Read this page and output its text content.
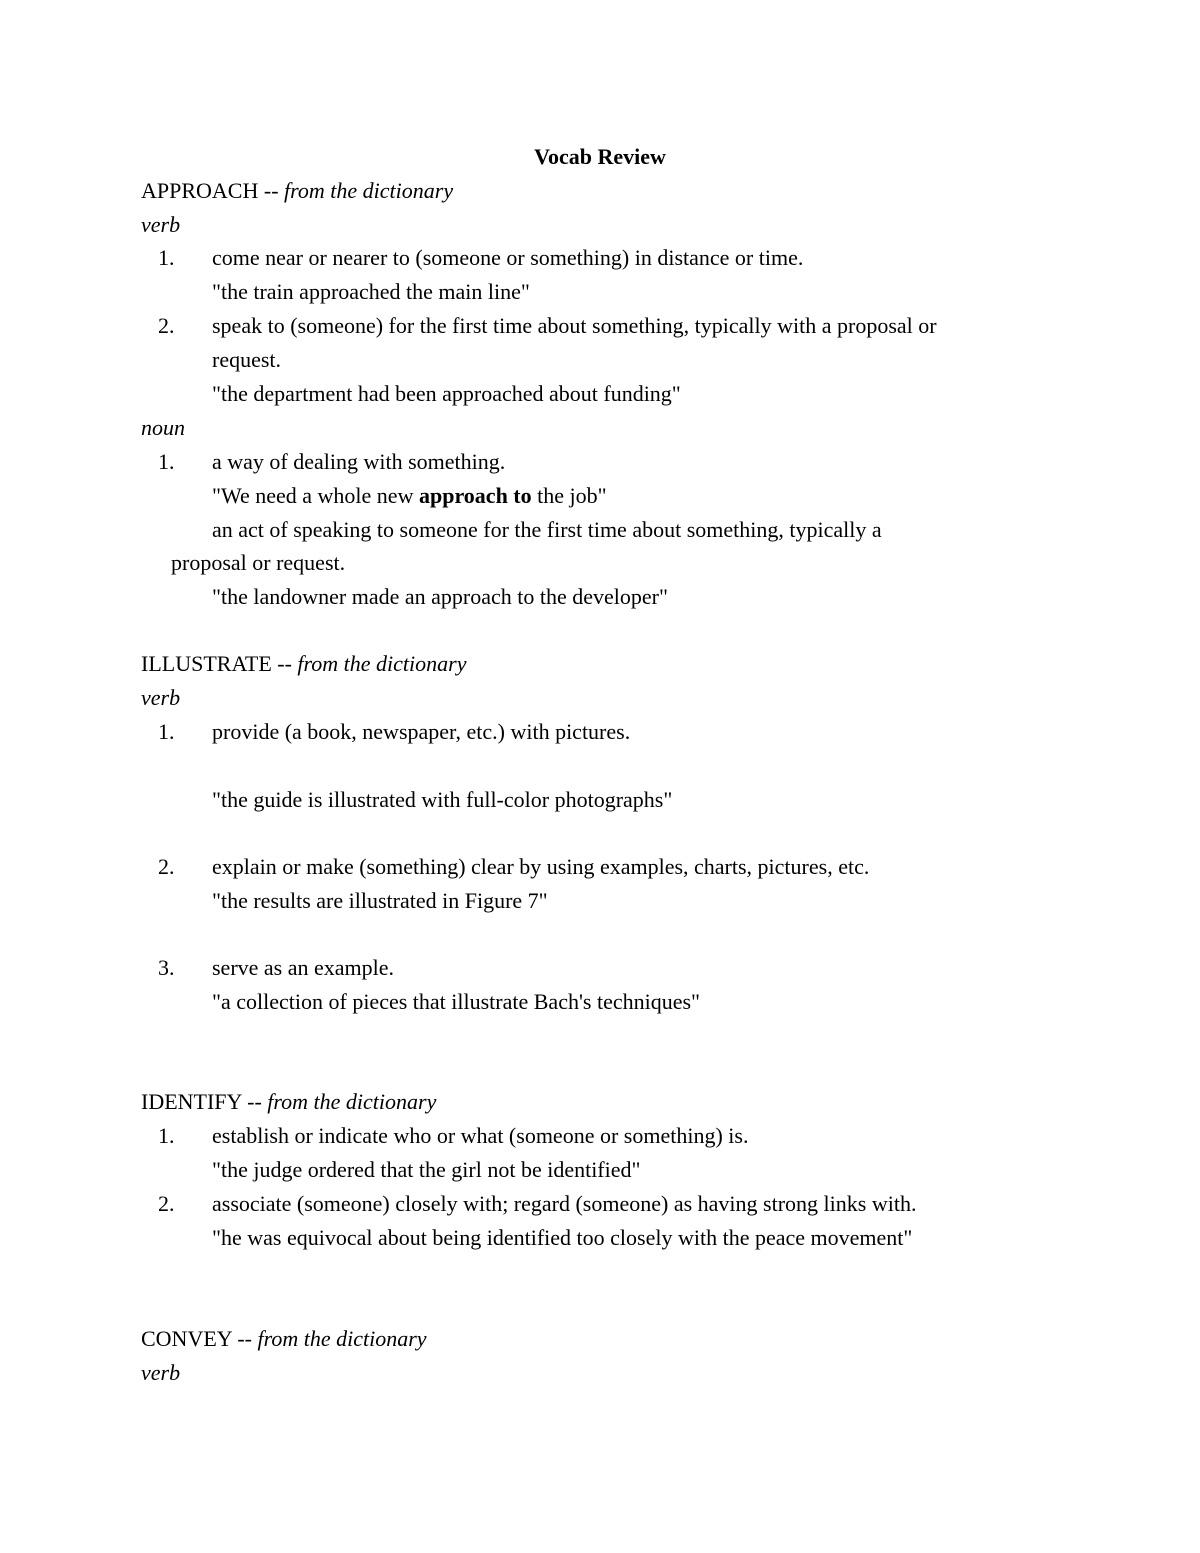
Vocab Review
APPROACH -- from the dictionary
verb
1. come near or nearer to (someone or something) in distance or time.
"the train approached the main line"
2. speak to (someone) for the first time about something, typically with a proposal or
request.
"the department had been approached about funding"
noun
1. a way of dealing with something.
"We need a whole new approach to the job"
an act of speaking to someone for the first time about something, typically a
proposal or request.
"the landowner made an approach to the developer"
ILLUSTRATE -- from the dictionary
verb
1. provide (a book, newspaper, etc.) with pictures.
"the guide is illustrated with full-color photographs"
2. explain or make (something) clear by using examples, charts, pictures, etc.
"the results are illustrated in Figure 7"
3. serve as an example.
"a collection of pieces that illustrate Bach's techniques"
IDENTIFY -- from the dictionary
1. establish or indicate who or what (someone or something) is.
"the judge ordered that the girl not be identified"
2. associate (someone) closely with; regard (someone) as having strong links with.
"he was equivocal about being identified too closely with the peace movement"
CONVEY -- from the dictionary
verb
